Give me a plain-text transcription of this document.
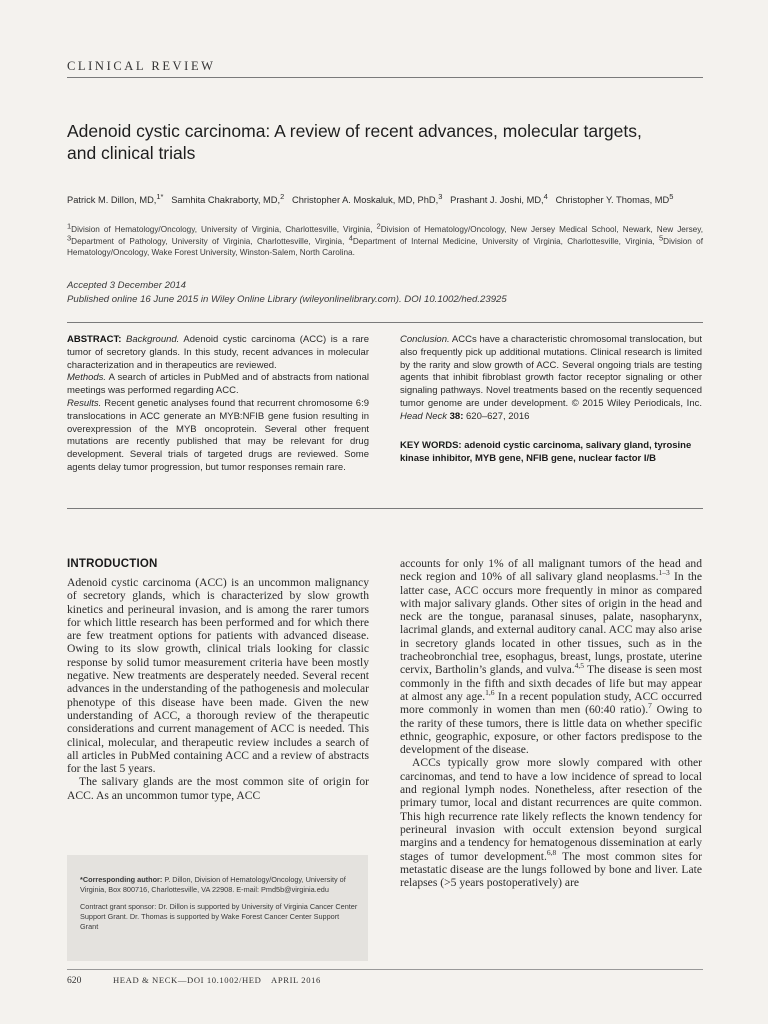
CLINICAL REVIEW
Adenoid cystic carcinoma: A review of recent advances, molecular targets, and clinical trials
Patrick M. Dillon, MD,$^{1*}$ Samhita Chakraborty, MD,$^2$ Christopher A. Moskaluk, MD, PhD,$^3$ Prashant J. Joshi, MD,$^4$ Christopher Y. Thomas, $MD^5$
$^1$Division of Hematology/Oncology, University of Virginia, Charlottesville, Virginia, $^2$Division of Hematology/Oncology, New Jersey Medical School, Newark, New Jersey, $^3$Department of Pathology, University of Virginia, Charlottesville, Virginia, $^4$Department of Internal Medicine, University of Virginia, Charlottesville, Virginia, $^5$Division of Hematology/Oncology, Wake Forest University, Winston-Salem, North Carolina.
Accepted 3 December 2014
Published online 16 June 2015 in Wiley Online Library (wileyonlinelibrary.com). DOI 10.1002/hed.23925

ABSTRACT: Background. Adenoid cystic carcinoma (ACC) is a rare tumor of secretory glands. In this study, recent advances in molecular characterization and in therapeutics are reviewed.

Methods. A search of articles in PubMed and of abstracts from national meetings was performed regarding ACC.

Results. Recent genetic analyses found that recurrent chromosome 6:9 translocations in ACC generate an MYB:NFIB gene fusion resulting in overexpression of the MYB oncoprotein. Several other frequent mutations are recently published that may be relevant for drug development. Several trials of targeted drugs are reviewed. Some agents delay tumor progression, but tumor responses remain rare.

Conclusion. ACCs have a characteristic chromosomal translocation, but also frequently pick up additional mutations. Clinical research is limited by the rarity and slow growth of ACC. Several ongoing trials are testing agents that inhibit fibroblast growth factor receptor signaling or other signaling pathways. Novel treatments based on the recently sequenced tumor genome are under development. © 2015 Wiley Periodicals, Inc. Head Neck 38: 620–627, 2016

KEY WORDS: adenoid cystic carcinoma, salivary gland, tyrosine kinase inhibitor, MYB gene, NFIB gene, nuclear factor I/B
INTRODUCTION

Adenoid cystic carcinoma (ACC) is an uncommon malignancy of secretory glands, which is characterized by slow growth kinetics and perineural invasion, and is among the rarer tumors for which little research has been performed and for which there are few treatment options for patients with advanced disease. Owing to its slow growth, clinical trials looking for classic response by solid tumor measurement criteria have been mostly negative. New treatments are desperately needed. Several recent advances in the understanding of the pathogenesis and molecular phenotype of this disease have been made. Given the new understanding of ACC, a thorough review of the therapeutic considerations and current management of ACC is needed. This clinical, molecular, and therapeutic review includes a search of all articles in PubMed containing ACC and a review of abstracts for the last 5 years.

The salivary glands are the most common site of origin for ACC. As an uncommon tumor type, ACC

accounts for only 1% of all malignant tumors of the head and neck region and 10% of all salivary gland neoplasms.$^{1-3}$ In the latter case, ACC occurs more frequently in minor as compared with major salivary glands. Other sites of origin in the head and neck are the tongue, paranasal sinuses, palate, nasopharynx, lacrimal glands, and external auditory canal. ACC may also arise in secretory glands located in other tissues, such as in the tracheobronchial tree, esophagus, breast, lungs, prostate, uterine cervix, Bartholin’s glands, and vulva.$^{4,5}$ The disease is seen most commonly in the fifth and sixth decades of life but may appear at almost any age.$^{1,6}$ In a recent population study, ACC occurred more commonly in women than men (60:40 ratio).$^7$ Owing to the rarity of these tumors, there is little data on whether specific ethnic, geographic, exposure, or other factors predispose to the development of the disease.

ACCs typically grow more slowly compared with other carcinomas, and tend to have a low incidence of spread to local and regional lymph nodes. Nonetheless, after resection of the primary tumor, local and distant recurrences are quite common. This high recurrence rate likely reflects the known tendency for perineural invasion with occult extension beyond surgical margins and a tendency for hematogenous dissemination at early stages of tumor development.$^{6,8}$ The most common sites for metastatic disease are the lungs followed by bone and liver. Late relapses (>5 years postoperatively) are

*Corresponding author: P. Dillon, Division of Hematology/Oncology, University of Virginia, Box 800716, Charlottesville, VA 22908. E-mail: Pmd5b@virginia.edu

Contract grant sponsor: Dr. Dillon is supported by University of Virginia Cancer Center Support Grant. Dr. Thomas is supported by Wake Forest Cancer Center Support Grant

620	HEAD & NECK—DOI 10.1002/HED APRIL 2016
